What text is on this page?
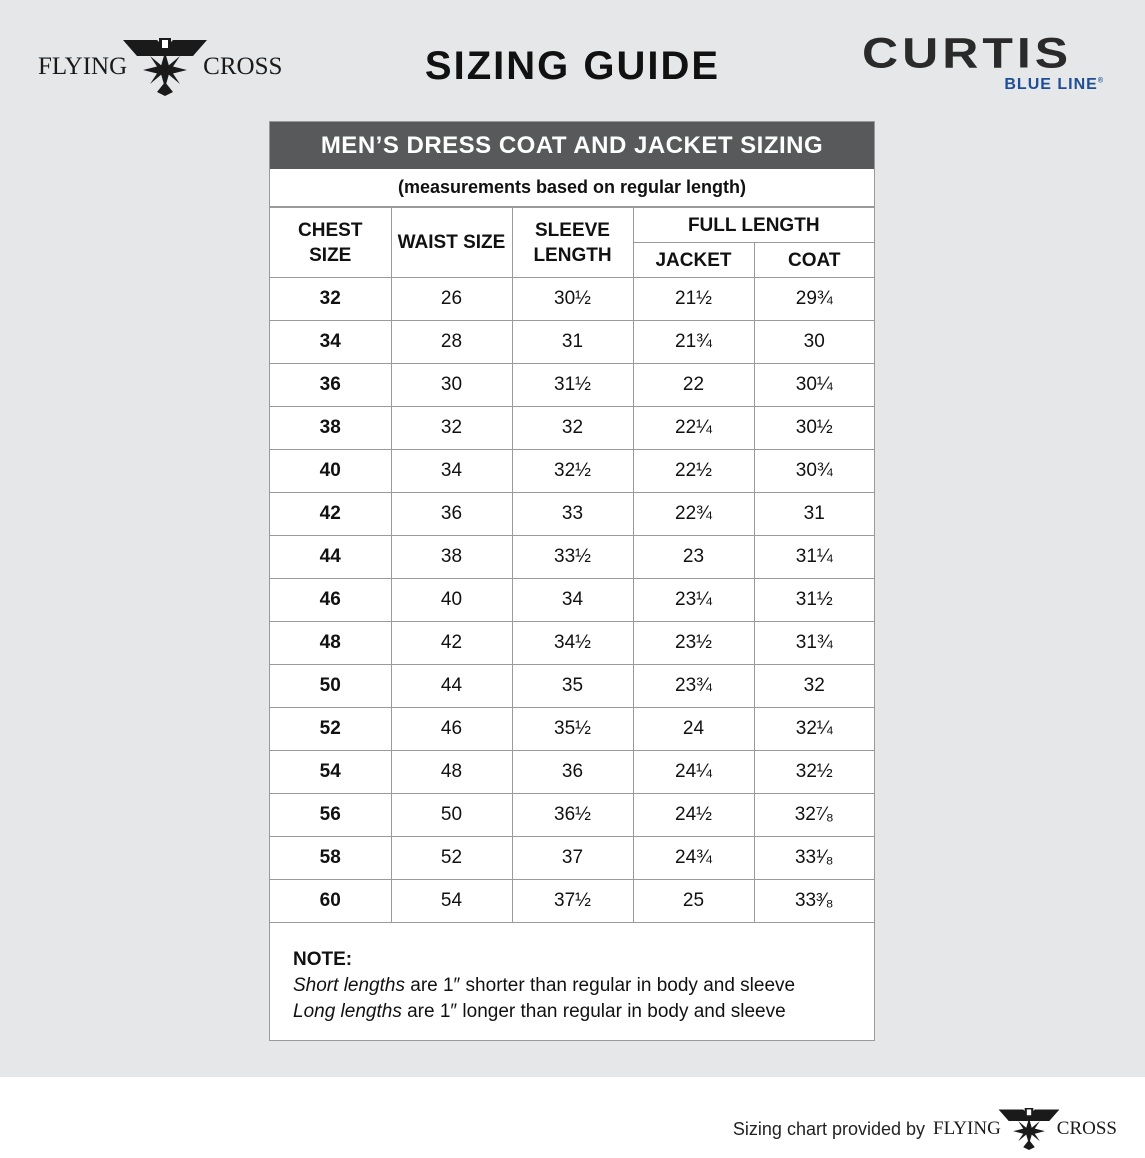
FLYING	CROSS	SIZING GUIDE	CURTIS
BLUE LINE®
MEN’S DRESS COAT AND JACKET SIZING
(measurements based on regular length)
CHEST SIZE	WAIST SIZE	SLEEVE LENGTH	FULL LENGTH	
			JACKET	COAT
32	26	30½	21½	29¾
34	28	31	21¾	30
36	30	31½	22	30¼
38	32	32	22¼	30½
40	34	32½	22½	30¾
42	36	33	22¾	31
44	38	33½	23	31¼
46	40	34	23¼	31½
48	42	34½	23½	31¾
50	44	35	23¾	32
52	46	35½	24	32¼
54	48	36	24¼	32½
56	50	36½	24½	32⁷⁄₈
58	52	37	24¾	33¹⁄₈
60	54	37½	25	33³⁄₈
NOTE:
Short lengths are 1″ shorter than regular in body and sleeve
Long lengths are 1″ longer than regular in body and sleeve
Sizing chart provided by FLYING	CROSS
